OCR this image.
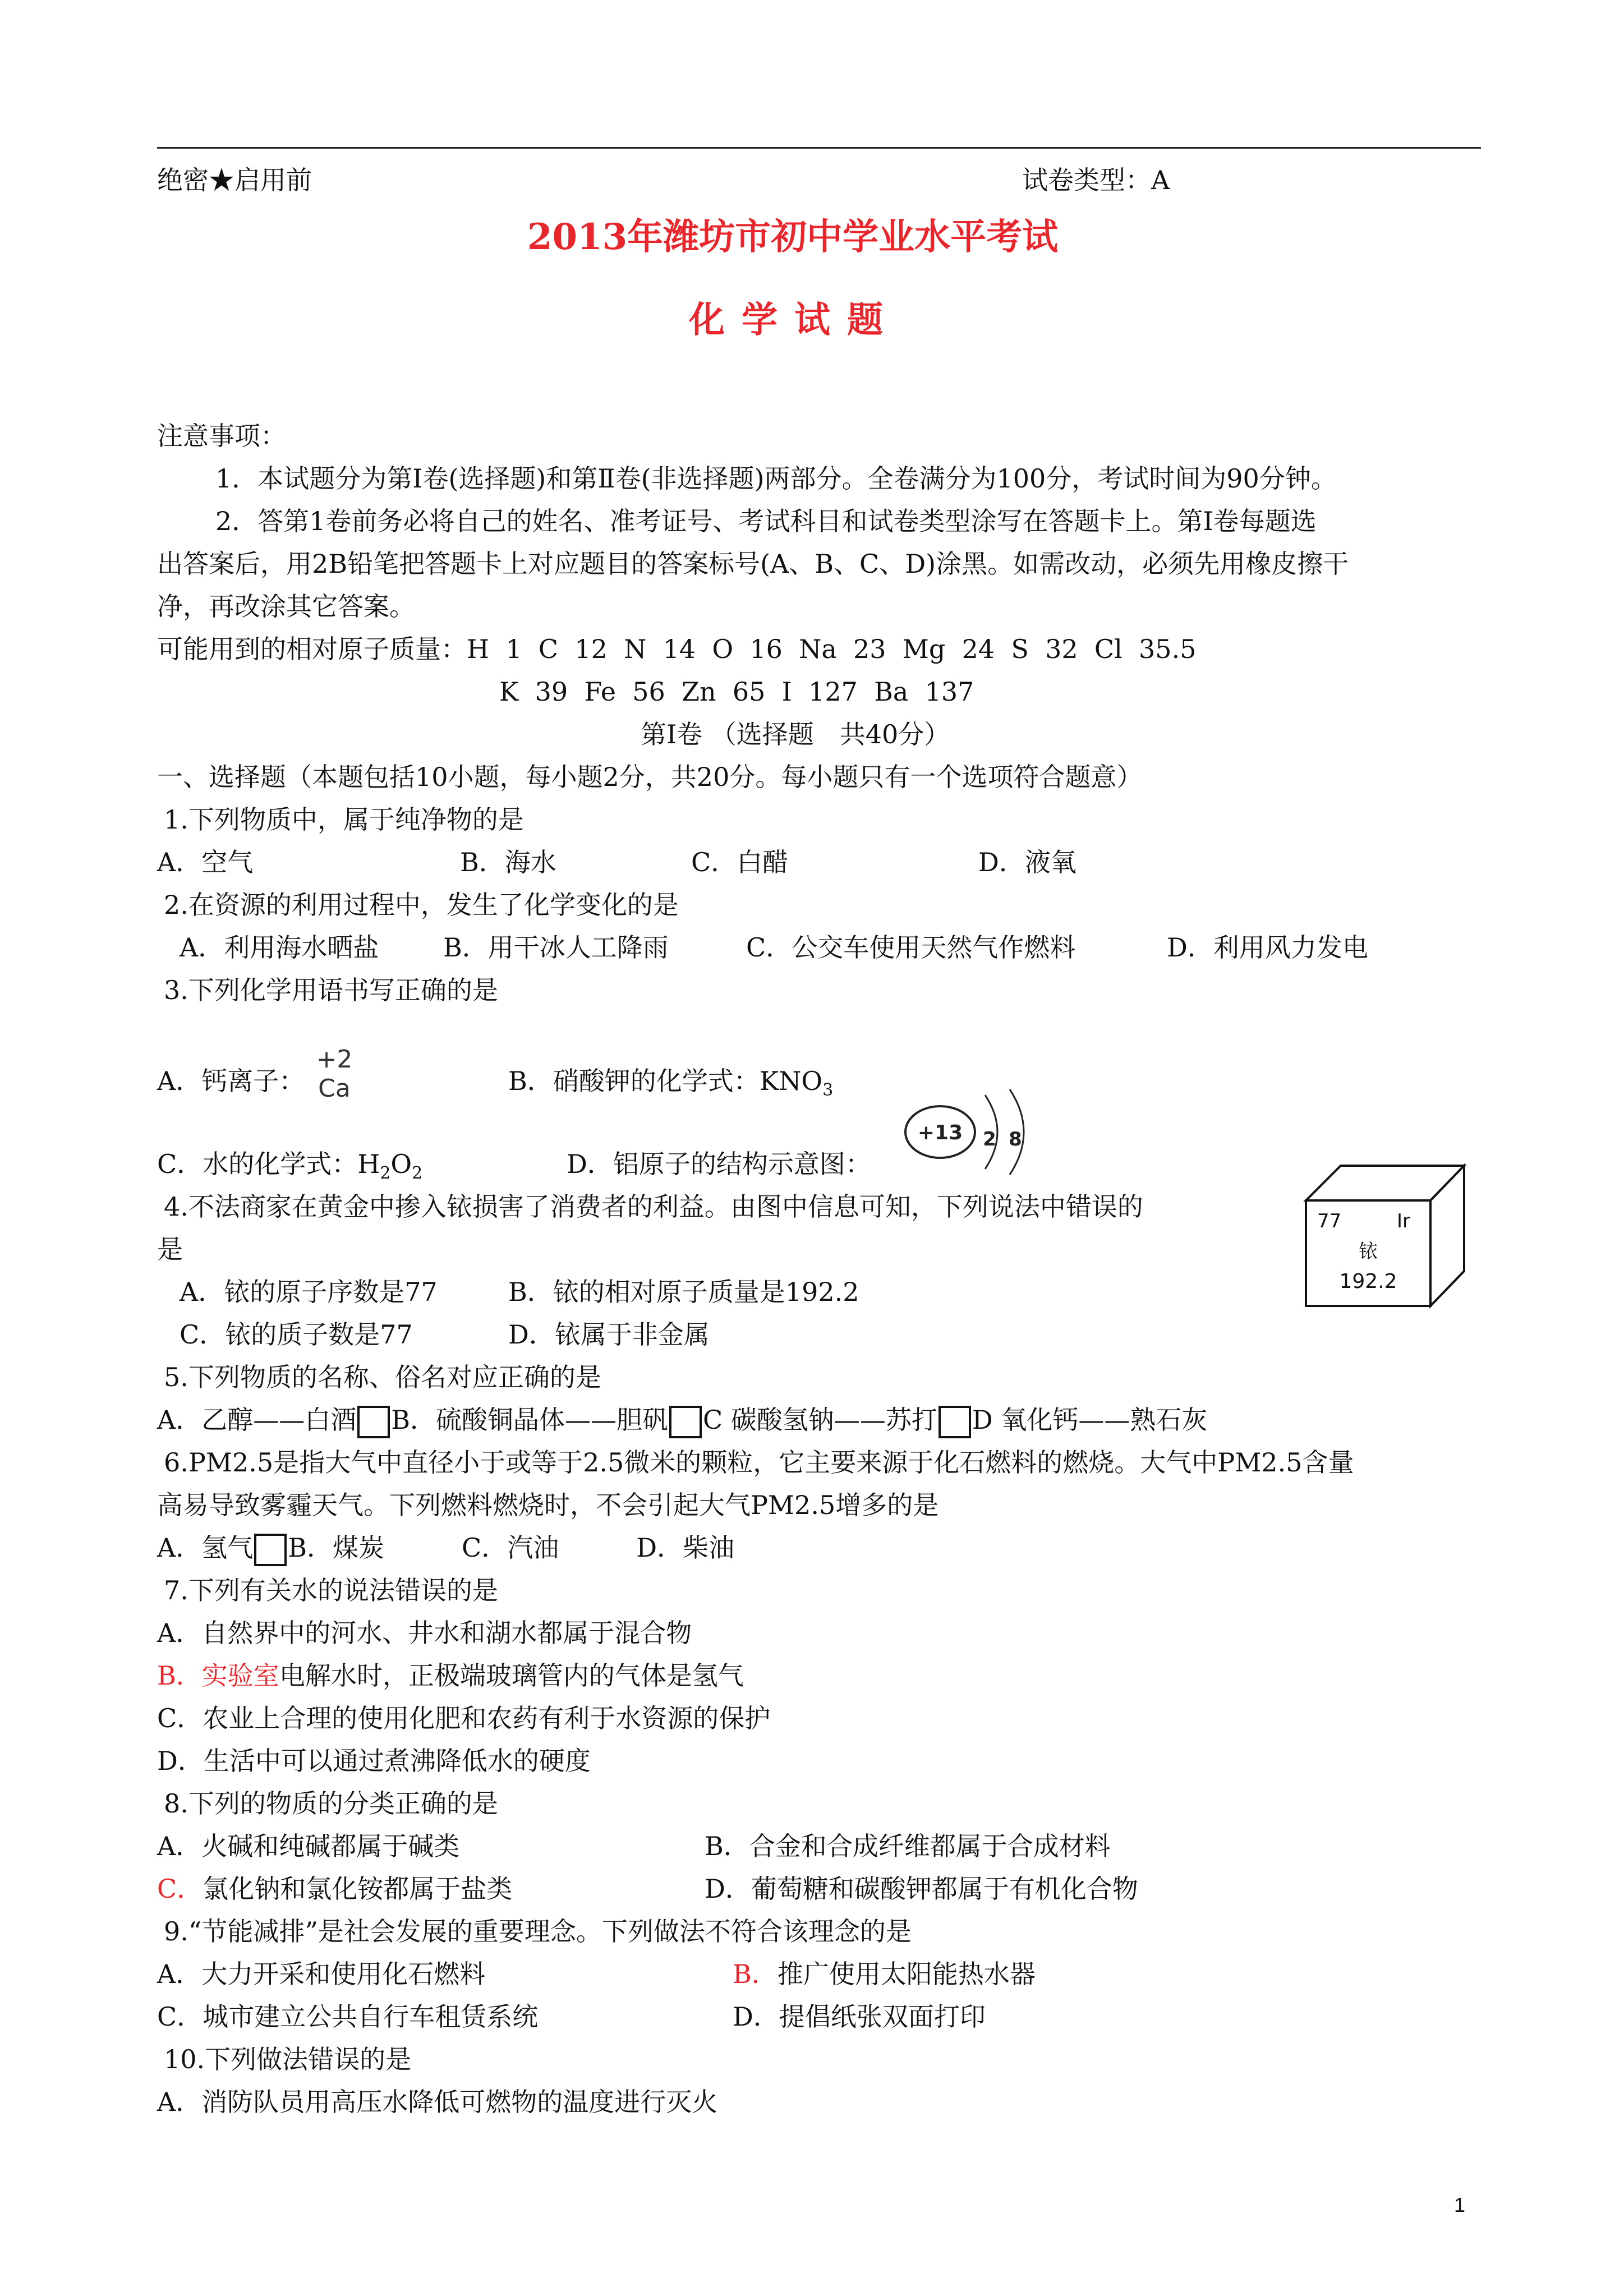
绝密★启用前	试卷类型：A
2013年潍坊市初中学业水平考试
化学试题
注意事项：
1．本试题分为第Ⅰ卷(选择题)和第Ⅱ卷(非选择题)两部分。全卷满分为100分，考试时间为90分钟。
2．答第1卷前务必将自己的姓名、准考证号、考试科目和试卷类型涂写在答题卡上。第Ⅰ卷每题选
出答案后，用2B铅笔把答题卡上对应题目的答案标号(A、B、C、D)涂黑。如需改动，必须先用橡皮擦干
净，再改涂其它答案。
可能用到的相对原子质量：H  1  C  12  N  14  O  16  Na  23  Mg  24  S  32  Cl  35.5
K  39  Fe  56  Zn  65  I  127  Ba  137
第Ⅰ卷 （选择题　共40分）
一、选择题（本题包括10小题，每小题2分，共20分。每小题只有一个选项符合题意）
1.下列物质中，属于纯净物的是
A．空气	B．海水	C．白醋	D．液氧
2.在资源的利用过程中，发生了化学变化的是
A．利用海水晒盐 B．用干冰人工降雨	C．公交车使用天然气作燃料	D．利用风力发电
3.下列化学用语书写正确的是
A．钙离子：
+2
Ca	B．硝酸钾的化学式：$KNO_3$
C．水的化学式：$H_2O_2$	D．铝原子的结构示意图：
+13 2 8
4.不法商家在黄金中掺入铱损害了消费者的利益。由图中信息可知，下列说法中错误的
是
A．铱的原子序数是77	B．铱的相对原子质量是192.2
C．铱的质子数是77	D．铱属于非金属
77	Ir
铱
192.2
5.下列物质的名称、俗名对应正确的是
A．乙醇——白酒 B．硫酸铜晶体——胆矾 C 碳酸氢钠——苏打 D 氧化钙——熟石灰
6.PM2.5是指大气中直径小于或等于2.5微米的颗粒，它主要来源于化石燃料的燃烧。大气中PM2.5含量
高易导致雾霾天气。下列燃料燃烧时，不会引起大气PM2.5增多的是
A．氢气 B．煤炭　　　C．汽油　　　D．柴油
7.下列有关水的说法错误的是
A．自然界中的河水、井水和湖水都属于混合物
B．实验室电解水时，正极端玻璃管内的气体是氢气
C．农业上合理的使用化肥和农药有利于水资源的保护
D．生活中可以通过煮沸降低水的硬度
8.下列的物质的分类正确的是
A．火碱和纯碱都属于碱类	B．合金和合成纤维都属于合成材料
C．氯化钠和氯化铵都属于盐类	D．葡萄糖和碳酸钾都属于有机化合物
9.“节能减排”是社会发展的重要理念。下列做法不符合该理念的是
A．大力开采和使用化石燃料	B．推广使用太阳能热水器
C．城市建立公共自行车租赁系统	D．提倡纸张双面打印
10.下列做法错误的是
A．消防队员用高压水降低可燃物的温度进行灭火
1
